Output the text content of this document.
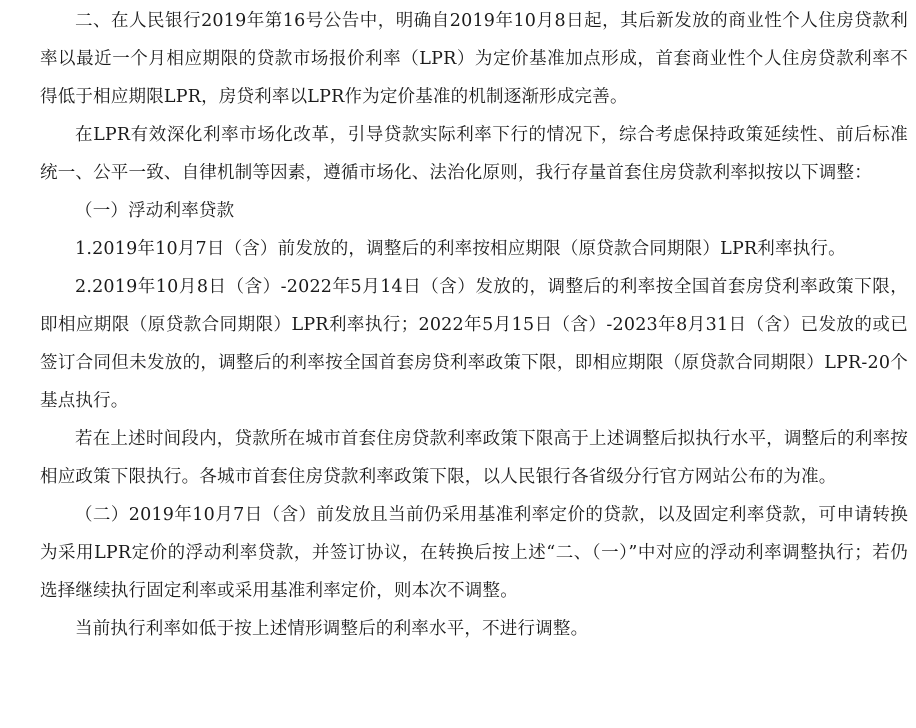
二、在人民银行2019年第16号公告中，明确自2019年10月8日起，其后新发放的商业性个人住房贷款利率以最近一个月相应期限的贷款市场报价利率（LPR）为定价基准加点形成，首套商业性个人住房贷款利率不得低于相应期限LPR，房贷利率以LPR作为定价基准的机制逐渐形成完善。

在LPR有效深化利率市场化改革，引导贷款实际利率下行的情况下，综合考虑保持政策延续性、前后标准统一、公平一致、自律机制等因素，遵循市场化、法治化原则，我行存量首套住房贷款利率拟按以下调整：

（一）浮动利率贷款

1.2019年10月7日（含）前发放的，调整后的利率按相应期限（原贷款合同期限）LPR利率执行。

2.2019年10月8日（含）-2022年5月14日（含）发放的，调整后的利率按全国首套房贷利率政策下限，即相应期限（原贷款合同期限）LPR利率执行；2022年5月15日（含）-2023年8月31日（含）已发放的或已签订合同但未发放的，调整后的利率按全国首套房贷利率政策下限，即相应期限（原贷款合同期限）LPR-20个基点执行。

若在上述时间段内，贷款所在城市首套住房贷款利率政策下限高于上述调整后拟执行水平，调整后的利率按相应政策下限执行。各城市首套住房贷款利率政策下限，以人民银行各省级分行官方网站公布的为准。

（二）2019年10月7日（含）前发放且当前仍采用基准利率定价的贷款，以及固定利率贷款，可申请转换为采用LPR定价的浮动利率贷款，并签订协议，在转换后按上述“二、（一）”中对应的浮动利率调整执行；若仍选择继续执行固定利率或采用基准利率定价，则本次不调整。

当前执行利率如低于按上述情形调整后的利率水平，不进行调整。
